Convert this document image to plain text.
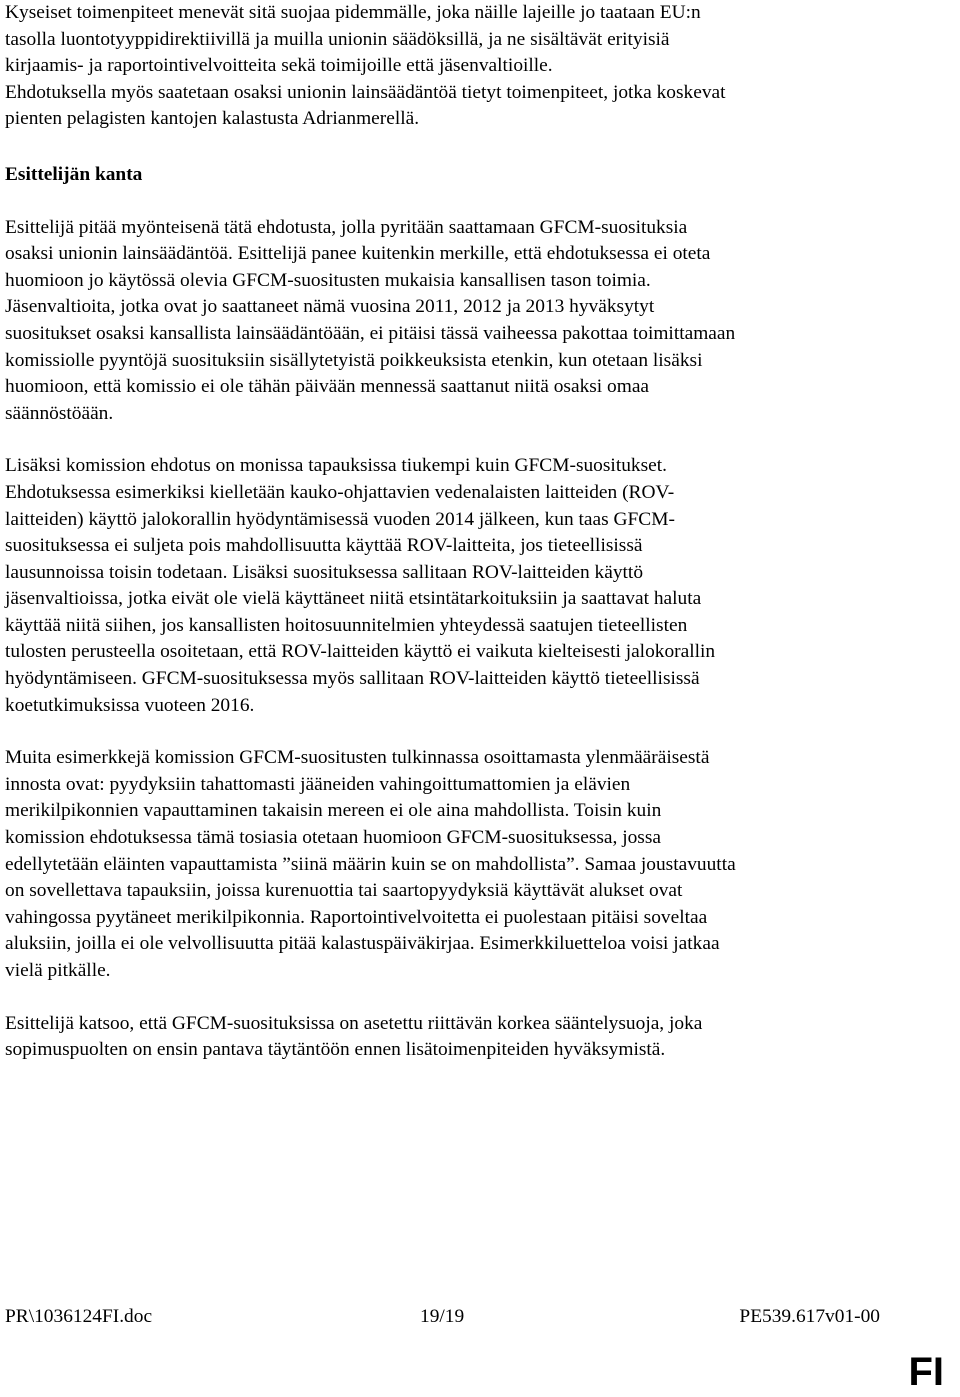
Kyseiset toimenpiteet menevät sitä suojaa pidemmälle, joka näille lajeille jo taataan EU:n
tasolla luontotyyppidirektiivillä ja muilla unionin säädöksillä, ja ne sisältävät erityisiä
kirjaamis- ja raportointivelvoitteita sekä toimijoille että jäsenvaltioille.
Ehdotuksella myös saatetaan osaksi unionin lainsäädäntöä tietyt toimenpiteet, jotka koskevat
pienten pelagisten kantojen kalastusta Adrianmerellä.

Esittelijän kanta

Esittelijä pitää myönteisenä tätä ehdotusta, jolla pyritään saattamaan GFCM-suosituksia
osaksi unionin lainsäädäntöä. Esittelijä panee kuitenkin merkille, että ehdotuksessa ei oteta
huomioon jo käytössä olevia GFCM-suositusten mukaisia kansallisen tason toimia.
Jäsenvaltioita, jotka ovat jo saattaneet nämä vuosina 2011, 2012 ja 2013 hyväksytyt
suositukset osaksi kansallista lainsäädäntöään, ei pitäisi tässä vaiheessa pakottaa toimittamaan
komissiolle pyyntöjä suosituksiin sisällytetyistä poikkeuksista etenkin, kun otetaan lisäksi
huomioon, että komissio ei ole tähän päivään mennessä saattanut niitä osaksi omaa
säännöstöään.

Lisäksi komission ehdotus on monissa tapauksissa tiukempi kuin GFCM-suositukset.
Ehdotuksessa esimerkiksi kielletään kauko-ohjattavien vedenalaisten laitteiden (ROV-
laitteiden) käyttö jalokorallin hyödyntämisessä vuoden 2014 jälkeen, kun taas GFCM-
suosituksessa ei suljeta pois mahdollisuutta käyttää ROV-laitteita, jos tieteellisissä
lausunnoissa toisin todetaan. Lisäksi suosituksessa sallitaan ROV-laitteiden käyttö
jäsenvaltioissa, jotka eivät ole vielä käyttäneet niitä etsintätarkoituksiin ja saattavat haluta
käyttää niitä siihen, jos kansallisten hoitosuunnitelmien yhteydessä saatujen tieteellisten
tulosten perusteella osoitetaan, että ROV-laitteiden käyttö ei vaikuta kielteisesti jalokorallin
hyödyntämiseen. GFCM-suosituksessa myös sallitaan ROV-laitteiden käyttö tieteellisissä
koetutkimuksissa vuoteen 2016.

Muita esimerkkejä komission GFCM-suositusten tulkinnassa osoittamasta ylenmääräisestä
innosta ovat: pyydyksiin tahattomasti jääneiden vahingoittumattomien ja elävien
merikilpikonnien vapauttaminen takaisin mereen ei ole aina mahdollista. Toisin kuin
komission ehdotuksessa tämä tosiasia otetaan huomioon GFCM-suosituksessa, jossa
edellytetään eläinten vapauttamista ”siinä määrin kuin se on mahdollista”. Samaa joustavuutta
on sovellettava tapauksiin, joissa kurenuottia tai saartopyydyksiä käyttävät alukset ovat
vahingossa pyytäneet merikilpikonnia. Raportointivelvoitetta ei puolestaan pitäisi soveltaa
aluksiin, joilla ei ole velvollisuutta pitää kalastuspäiväkirjaa. Esimerkkiluetteloa voisi jatkaa
vielä pitkälle.

Esittelijä katsoo, että GFCM-suosituksissa on asetettu riittävän korkea sääntelysuoja, joka
sopimuspuolten on ensin pantava täytäntöön ennen lisätoimenpiteiden hyväksymistä.

PR\1036124FI.doc	19/19	PE539.617v01-00
FI
